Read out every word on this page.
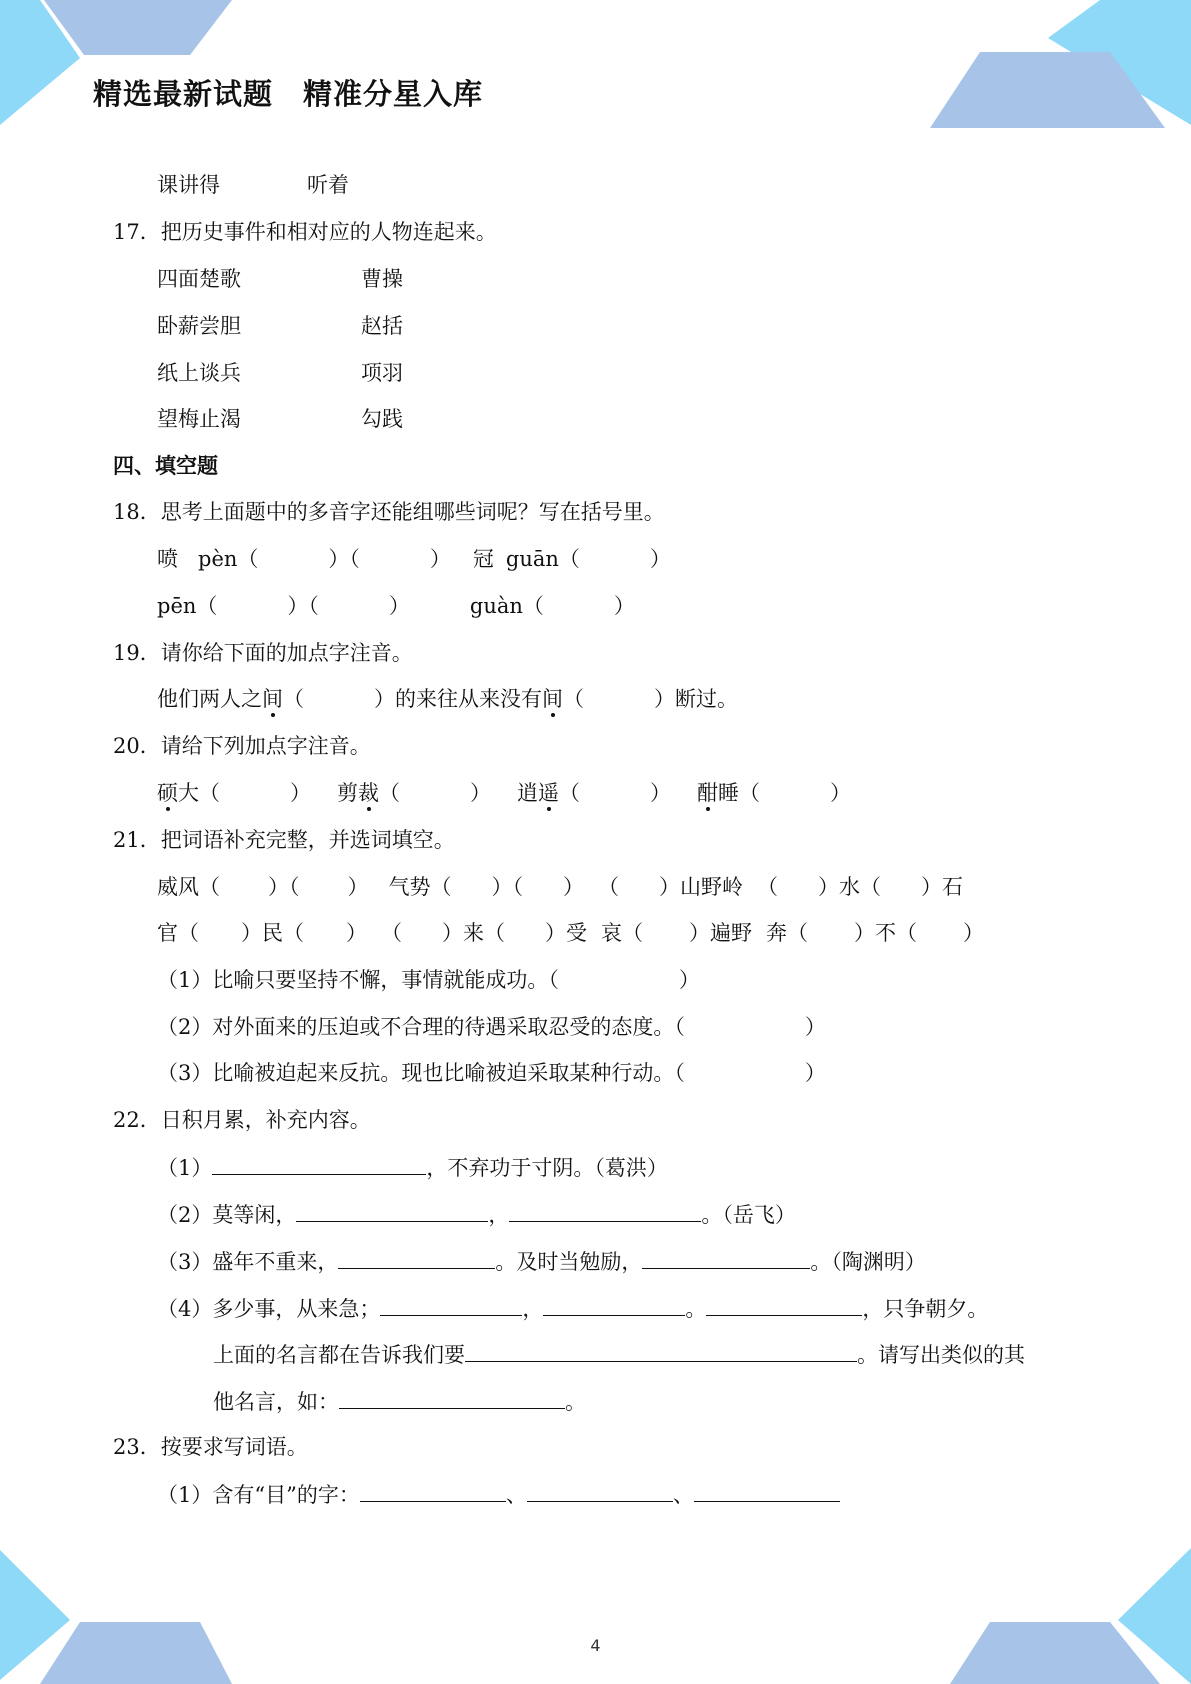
精选最新试题　精准分星入库
课讲得	听着
17．把历史事件和相对应的人物连起来。
四面楚歌	曹操
卧薪尝胆	赵括
纸上谈兵	项羽
望梅止渴	勾践
四、填空题
18．思考上面题中的多音字还能组哪些词呢？写在括号里。
喷 pèn（	）（	） 冠 guān（	）
pēn（	）（	）	guàn（	）
19．请你给下面的加点字注音。
他们两人之间（	）的来往从来没有间（	）断过。
20．请给下列加点字注音。
硕大（	） 剪裁（	） 逍遥（	） 酣睡（	）
21．把词语补充完整，并选词填空。
威风（ ）（ ） 气势（ ）（ ） （ ）山野岭 （ ）水（ ）石
官（ ）民（ ） （ ）来（ ）受 哀（ ）遍野 奔（ ）不（ ）
（1）比喻只要坚持不懈，事情就能成功。（	）
（2）对外面来的压迫或不合理的待遇采取忍受的态度。（	）
（3）比喻被迫起来反抗。现也比喻被迫采取某种行动。（	）
22．日积月累，补充内容。
（1）	，不弃功于寸阴。（葛洪）
（2）莫等闲，	，	。（岳飞）
（3）盛年不重来，	。及时当勉励，	。（陶渊明）
（4）多少事，从来急；	，	。	，只争朝夕。
上面的名言都在告诉我们要	。请写出类似的其
他名言，如：	。
23．按要求写词语。
（1）含有“目”的字：	、	、
4
